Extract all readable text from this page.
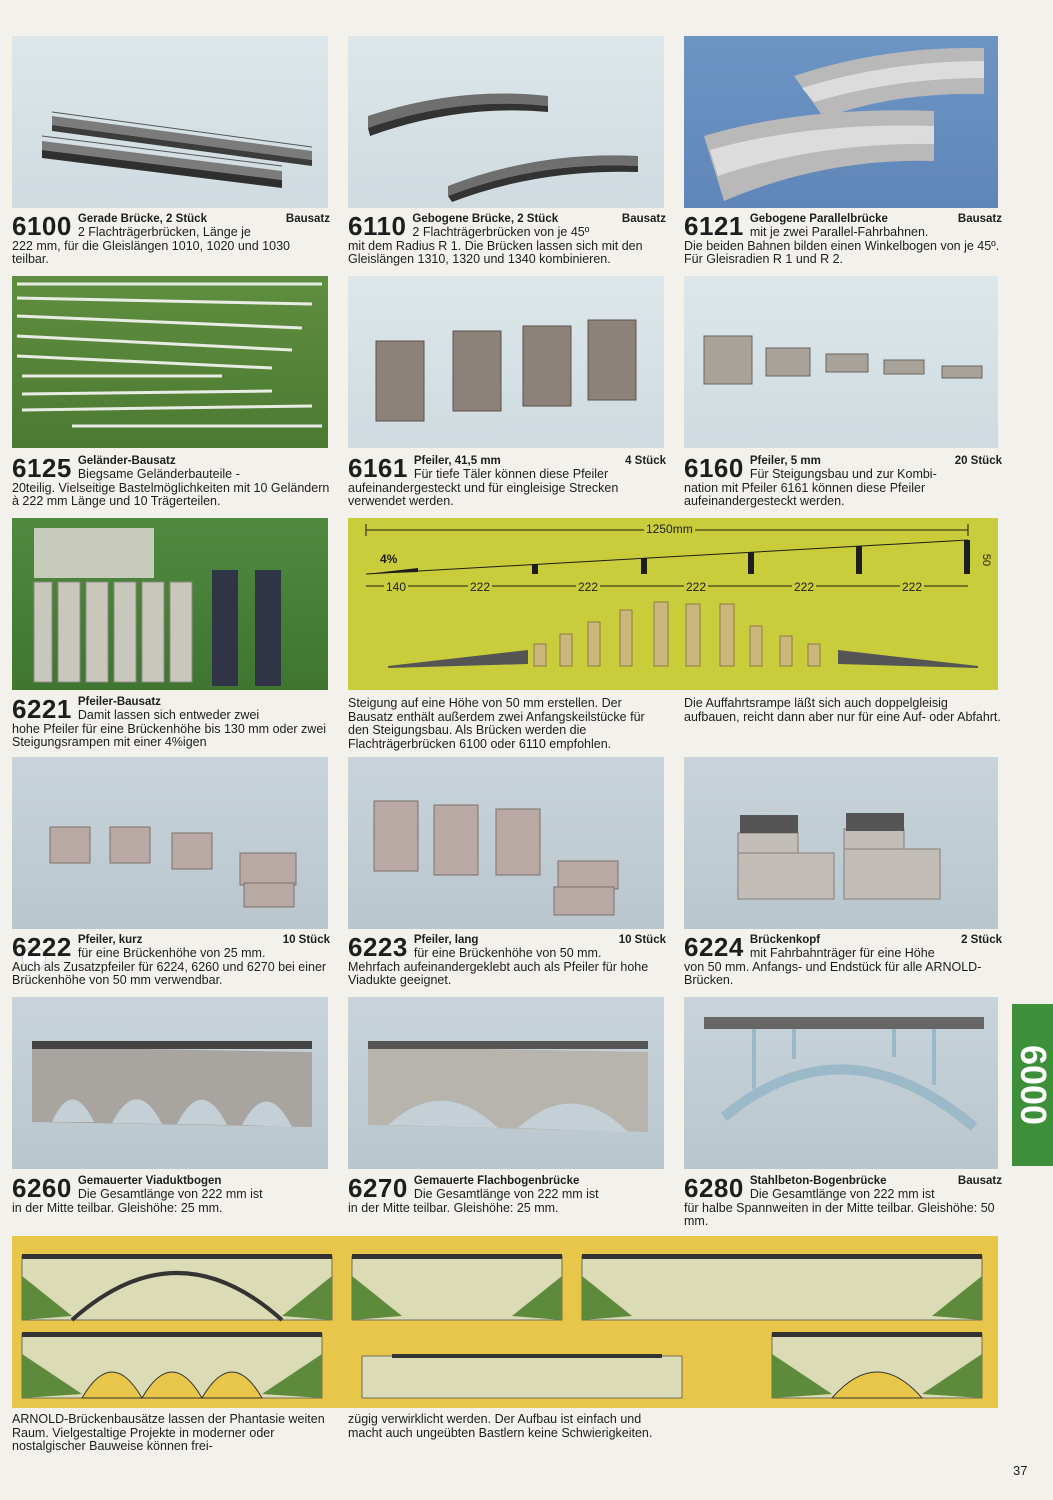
6100 Gerade Brücke, 2 Stück	Bausatz
2 Flachträgerbrücken, Länge je
222 mm, für die Gleislängen 1010, 1020 und 1030 teilbar.
6110 Gebogene Brücke, 2 Stück	Bausatz
2 Flachträgerbrücken von je 45º
mit dem Radius R 1. Die Brücken lassen sich mit den Gleislängen 1310, 1320 und 1340 kombinieren.
6121 Gebogene Parallelbrücke	Bausatz
mit je zwei Parallel-Fahrbahnen.
Die beiden Bahnen bilden einen Winkelbogen von je 45º. Für Gleisradien R 1 und R 2.
6125 Geländer-Bausatz
Biegsame Geländerbauteile -
20teilig. Vielseitige Bastelmöglichkeiten mit 10 Geländern à 222 mm Länge und 10 Trägerteilen.
6161 Pfeiler, 41,5 mm	4 Stück
Für tiefe Täler können diese Pfeiler
aufeinandergesteckt und für eingleisige Strecken verwendet werden.
6160 Pfeiler, 5 mm	20 Stück
Für Steigungsbau und zur Kombi-
nation mit Pfeiler 6161 können diese Pfeiler aufeinandergesteckt werden.
1250mm
4%	50
140	222	222	222	222	222
6221 Pfeiler-Bausatz
Damit lassen sich entweder zwei
hohe Pfeiler für eine Brückenhöhe bis 130 mm oder zwei Steigungsrampen mit einer 4%igen
Steigung auf eine Höhe von 50 mm erstellen. Der Bausatz enthält außerdem zwei Anfangskeilstücke für den Steigungsbau. Als Brücken werden die Flachträgerbrücken 6100 oder 6110 empfohlen.
Die Auffahrtsrampe läßt sich auch doppelgleisig aufbauen, reicht dann aber nur für eine Auf- oder Abfahrt.
6222 Pfeiler, kurz	10 Stück
für eine Brückenhöhe von 25 mm.
Auch als Zusatzpfeiler für 6224, 6260 und 6270 bei einer Brückenhöhe von 50 mm verwendbar.
6223 Pfeiler, lang	10 Stück
für eine Brückenhöhe von 50 mm.
Mehrfach aufeinandergeklebt auch als Pfeiler für hohe Viadukte geeignet.
6224 Brückenkopf	2 Stück
mit Fahrbahnträger für eine Höhe
von 50 mm. Anfangs- und Endstück für alle ARNOLD-Brücken.
6260 Gemauerter Viaduktbogen
Die Gesamtlänge von 222 mm ist
in der Mitte teilbar. Gleishöhe: 25 mm.
6270 Gemauerte Flachbogenbrücke
Die Gesamtlänge von 222 mm ist
in der Mitte teilbar. Gleishöhe: 25 mm.
6280 Stahlbeton-Bogenbrücke	Bausatz
Die Gesamtlänge von 222 mm ist
für halbe Spannweiten in der Mitte teilbar. Gleishöhe: 50 mm.
6000
ARNOLD-Brückenbausätze lassen der Phantasie weiten Raum. Vielgestaltige Projekte in moderner oder nostalgischer Bauweise können frei-
zügig verwirklicht werden. Der Aufbau ist einfach und macht auch ungeübten Bastlern keine Schwierigkeiten.
37
